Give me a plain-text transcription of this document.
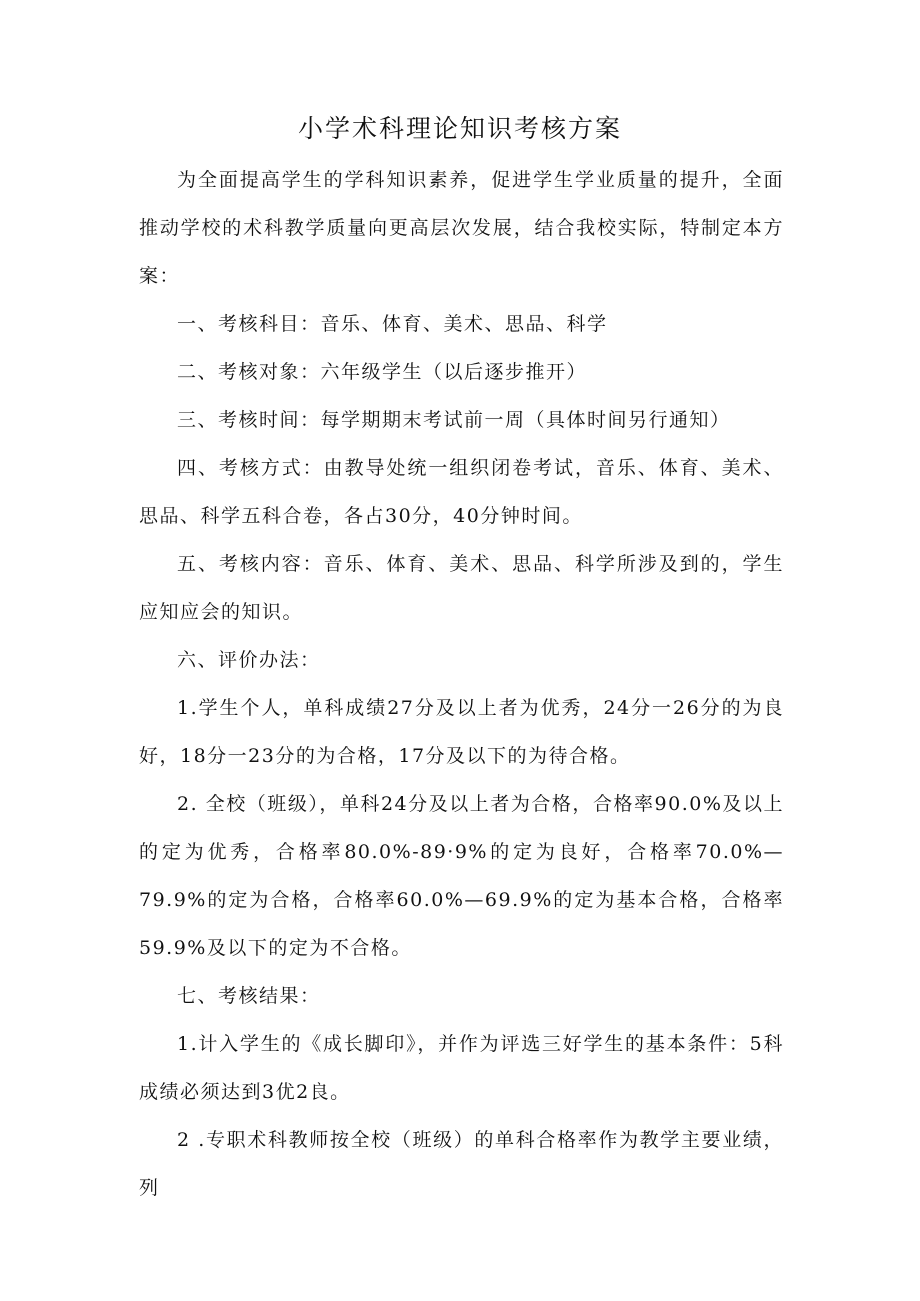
小学术科理论知识考核方案

为全面提高学生的学科知识素养，促进学生学业质量的提升，全面推动学校的术科教学质量向更高层次发展，结合我校实际，特制定本方案：

一、考核科目：音乐、体育、美术、思品、科学

二、考核对象：六年级学生（以后逐步推开）

三、考核时间：每学期期末考试前一周（具体时间另行通知）

四、考核方式：由教导处统一组织闭卷考试，音乐、体育、美术、思品、科学五科合卷，各占30分，40分钟时间。

五、考核内容：音乐、体育、美术、思品、科学所涉及到的，学生应知应会的知识。

六、评价办法：

1.学生个人，单科成绩27分及以上者为优秀，24分一26分的为良好，18分一23分的为合格，17分及以下的为待合格。

2. 全校（班级），单科24分及以上者为合格，合格率90.0%及以上的定为优秀，合格率80.0%-89·9%的定为良好，合格率70.0%—79.9%的定为合格，合格率60.0%—69.9%的定为基本合格，合格率59.9%及以下的定为不合格。

七、考核结果：

1.计入学生的《成长脚印》，并作为评选三好学生的基本条件：5科成绩必须达到3优2良。

2 .专职术科教师按全校（班级）的单科合格率作为教学主要业绩，列
